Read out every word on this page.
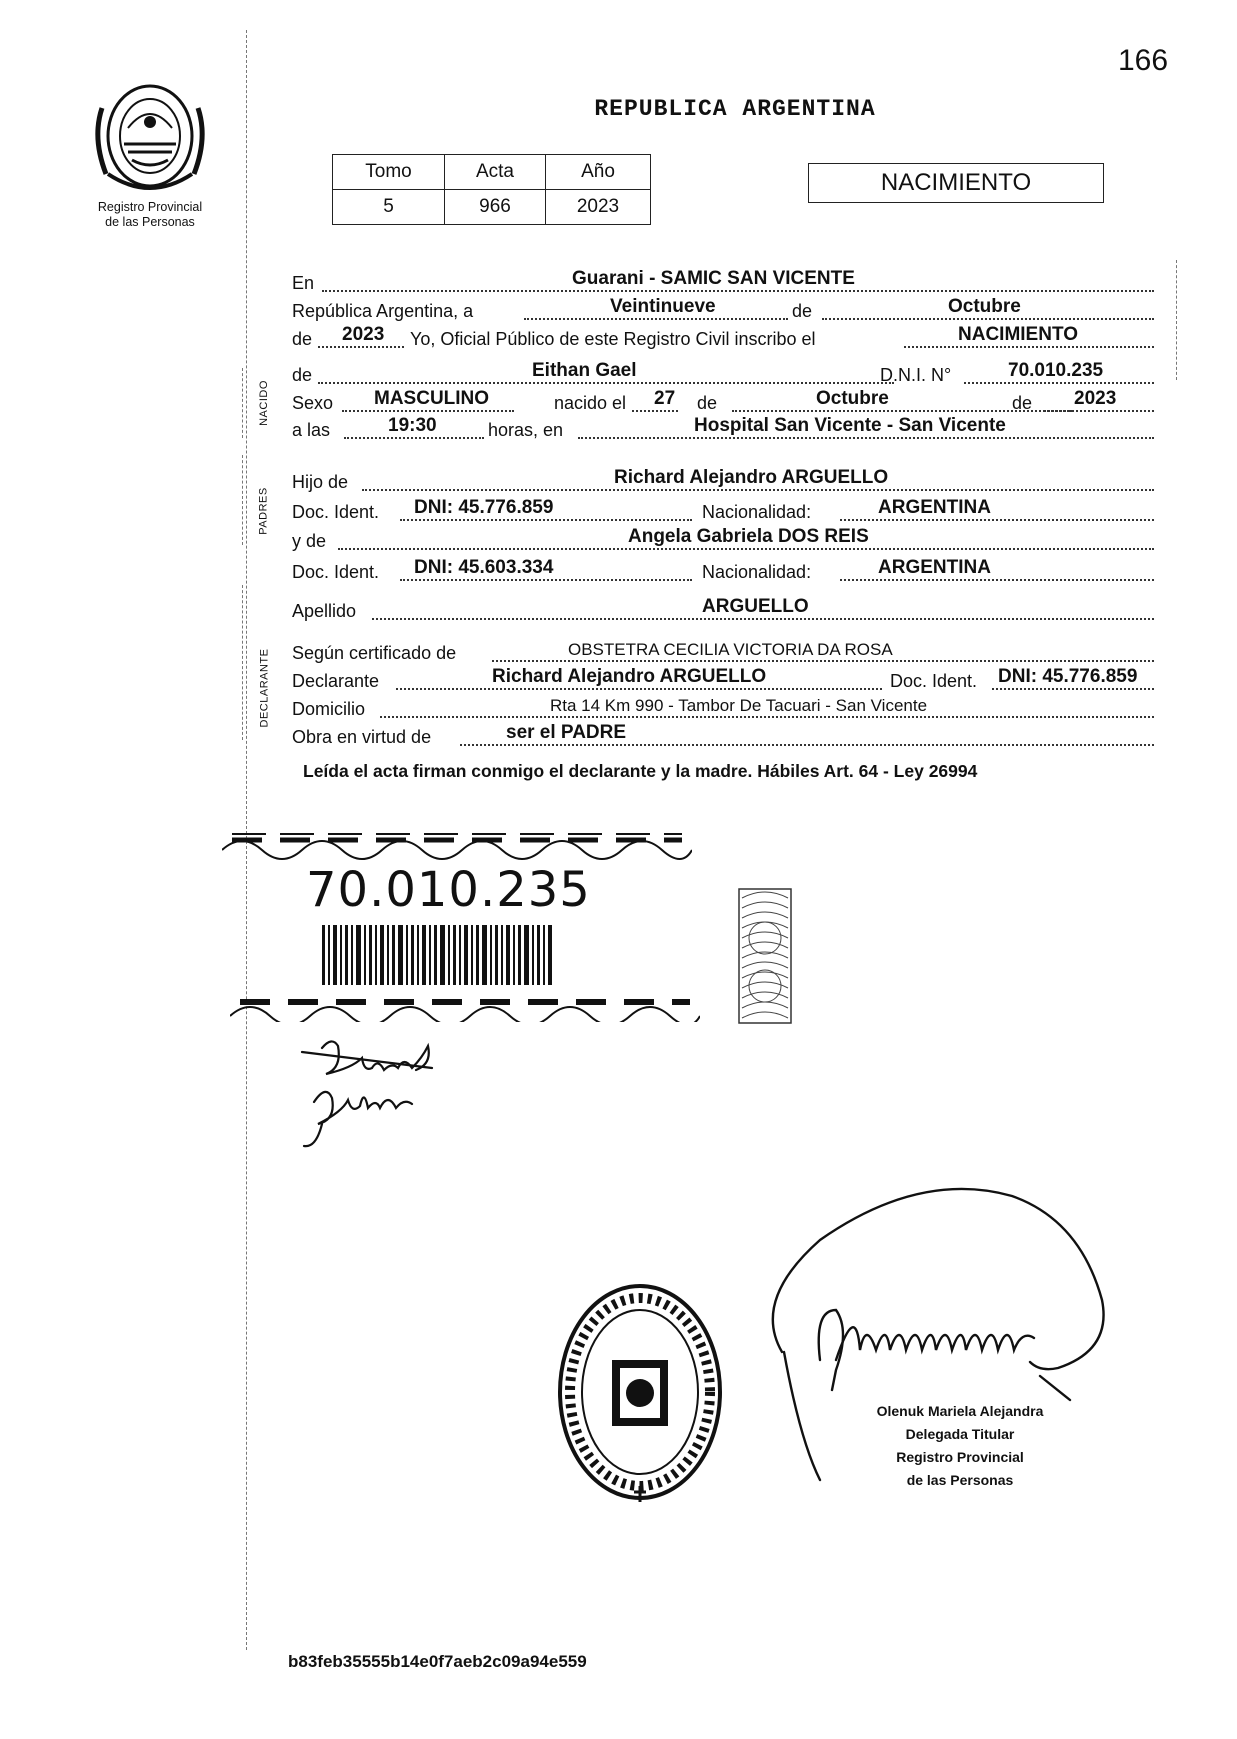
166
Registro Provincial
de las Personas
REPUBLICA ARGENTINA
Tomo	Acta	Año
5	966	2023
NACIMIENTO
NACIDO
PADRES
DECLARANTE
En	Guarani - SAMIC SAN VICENTE
República Argentina, a	Veintinueve	de	Octubre
de 2023 Yo, Oficial Público de este Registro Civil inscribo el	NACIMIENTO
de	Eithan Gael	D.N.I. N°	70.010.235
Sexo MASCULINO	nacido el 27 de	Octubre	de 2023
a las	19:30	horas, en	Hospital San Vicente - San Vicente
Hijo de	Richard Alejandro ARGUELLO
Doc. Ident. DNI: 45.776.859	Nacionalidad:	ARGENTINA
y de	Angela Gabriela DOS REIS
Doc. Ident. DNI: 45.603.334	Nacionalidad:	ARGENTINA
Apellido	ARGUELLO
Según certificado de	OBSTETRA CECILIA VICTORIA DA ROSA
Declarante	Richard Alejandro ARGUELLO	Doc. Ident. DNI: 45.776.859
Domicilio	Rta 14 Km 990 - Tambor De Tacuari - San Vicente
Obra en virtud de	ser el PADRE
Leída el acta firman conmigo el declarante y la madre. Hábiles Art. 64 - Ley 26994
70.010.235
Olenuk Mariela Alejandra
Delegada Titular
Registro Provincial
de las Personas
b83feb35555b14e0f7aeb2c09a94e559
